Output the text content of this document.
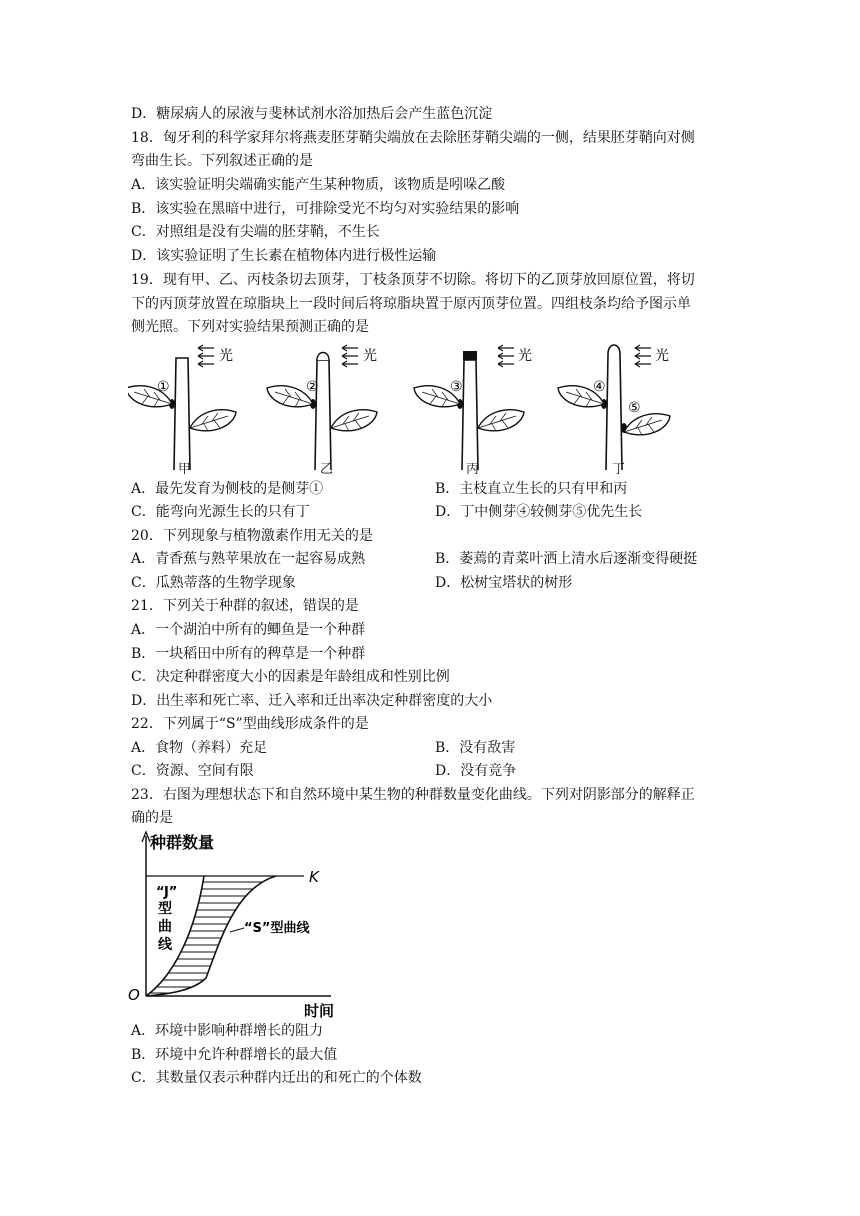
D．糖尿病人的尿液与斐林试剂水浴加热后会产生蓝色沉淀
18．匈牙利的科学家拜尔将燕麦胚芽鞘尖端放在去除胚芽鞘尖端的一侧，结果胚芽鞘向对侧
弯曲生长。下列叙述正确的是
A．该实验证明尖端确实能产生某种物质，该物质是吲哚乙酸
B．该实验在黑暗中进行，可排除受光不均匀对实验结果的影响
C．对照组是没有尖端的胚芽鞘，不生长
D．该实验证明了生长素在植物体内进行极性运输
19．现有甲、乙、丙枝条切去顶芽，丁枝条顶芽不切除。将切下的乙顶芽放回原位置，将切
下的丙顶芽放置在琼脂块上一段时间后将琼脂块置于原丙顶芽位置。四组枝条均给予图示单
侧光照。下列对实验结果预测正确的是
光	光	光	光
①	②	③	④
⑤
甲	乙	丙	丁
A．最先发育为侧枝的是侧芽①	B．主枝直立生长的只有甲和丙
C．能弯向光源生长的只有丁	D．丁中侧芽④较侧芽⑤优先生长
20．下列现象与植物激素作用无关的是
A．青香蕉与熟苹果放在一起容易成熟	B．萎蔫的青菜叶洒上清水后逐渐变得硬挺
C．瓜熟蒂落的生物学现象	D．松树宝塔状的树形
21．下列关于种群的叙述，错误的是
A．一个湖泊中所有的鲫鱼是一个种群
B．一块稻田中所有的稗草是一个种群
C．决定种群密度大小的因素是年龄组成和性别比例
D．出生率和死亡率、迁入率和迁出率决定种群密度的大小
22．下列属于“S”型曲线形成条件的是
A．食物（养料）充足	B．没有敌害
C．资源、空间有限	D．没有竞争
23．右图为理想状态下和自然环境中某生物的种群数量变化曲线。下列对阴影部分的解释正
确的是
种群数量
K
O
时间
“J”
型
曲
线
“S”型曲线
A．环境中影响种群增长的阻力
B．环境中允许种群增长的最大值
C．其数量仅表示种群内迁出的和死亡的个体数
